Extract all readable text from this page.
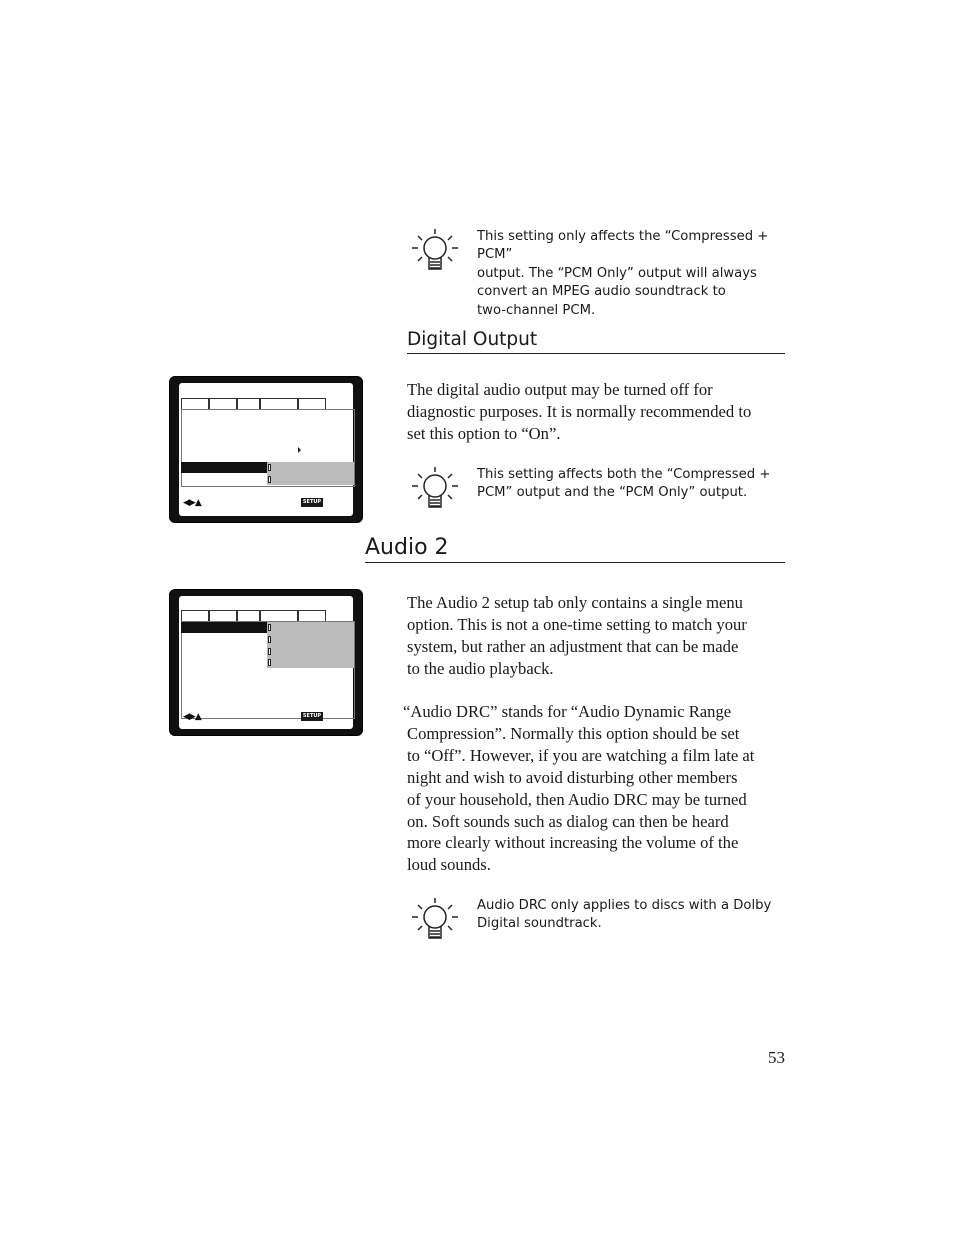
This setting only affects the “Compressed + PCM”
output. The “PCM Only” output will always
convert an MPEG audio soundtrack to
two-channel PCM.
Digital Output
◀▶▲	SETUP
The digital audio output may be turned off for
diagnostic purposes. It is normally recommended to
set this option to “On”.
This setting affects both the “Compressed +
PCM” output and the “PCM Only” output.
Audio 2
◀▶▲	SETUP
The Audio 2 setup tab only contains a single menu
option. This is not a one-time setting to match your
system, but rather an adjustment that can be made
to the audio playback.
“Audio DRC” stands for “Audio Dynamic Range
Compression”. Normally this option should be set
to “Off”. However, if you are watching a film late at
night and wish to avoid disturbing other members
of your household, then Audio DRC may be turned
on. Soft sounds such as dialog can then be heard
more clearly without increasing the volume of the
loud sounds.
Audio DRC only applies to discs with a Dolby
Digital soundtrack.
53
